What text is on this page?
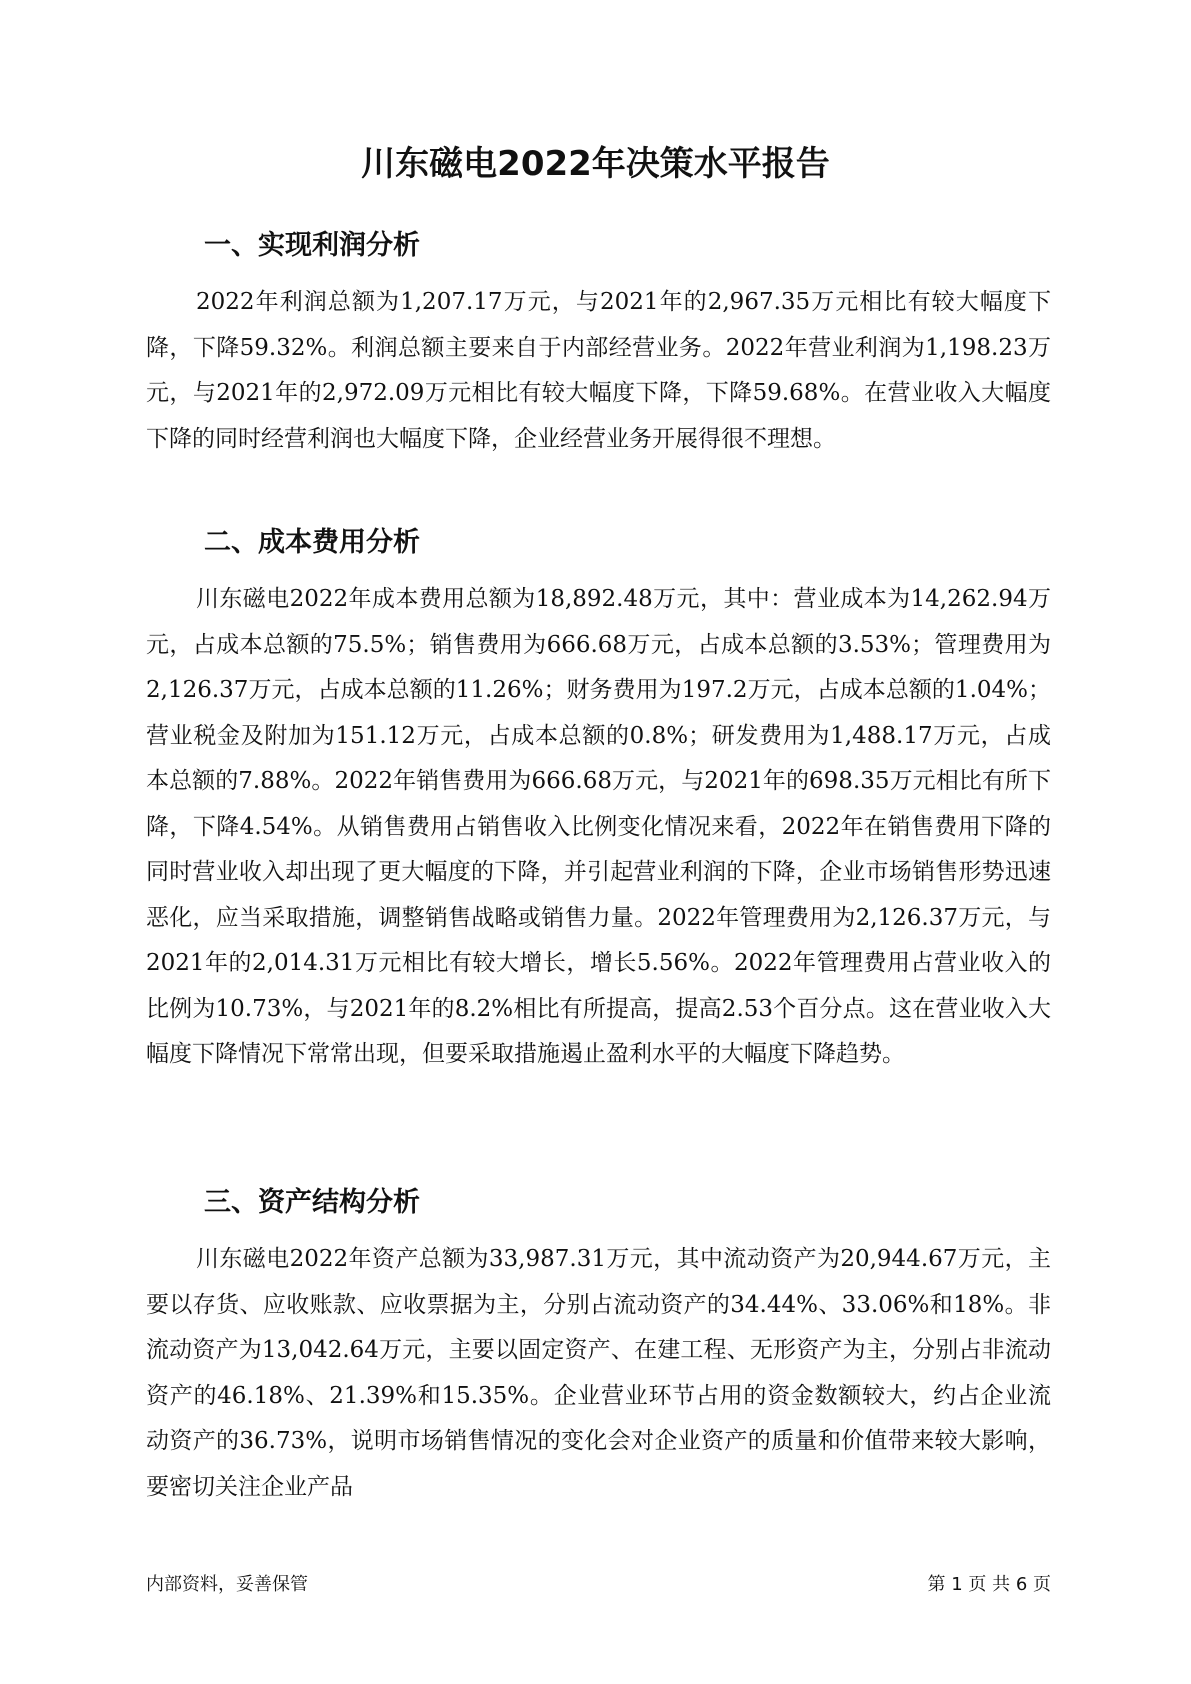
川东磁电2022年决策水平报告
一、实现利润分析

2022年利润总额为1,207.17万元，与2021年的2,967.35万元相比有较大幅度下降，下降59.32%。利润总额主要来自于内部经营业务。2022年营业利润为1,198.23万元，与2021年的2,972.09万元相比有较大幅度下降，下降59.68%。在营业收入大幅度下降的同时经营利润也大幅度下降，企业经营业务开展得很不理想。

二、成本费用分析

川东磁电2022年成本费用总额为18,892.48万元，其中：营业成本为14,262.94万元，占成本总额的75.5%；销售费用为666.68万元，占成本总额的3.53%；管理费用为2,126.37万元，占成本总额的11.26%；财务费用为197.2万元，占成本总额的1.04%；营业税金及附加为151.12万元，占成本总额的0.8%；研发费用为1,488.17万元，占成本总额的7.88%。2022年销售费用为666.68万元，与2021年的698.35万元相比有所下降，下降4.54%。从销售费用占销售收入比例变化情况来看，2022年在销售费用下降的同时营业收入却出现了更大幅度的下降，并引起营业利润的下降，企业市场销售形势迅速恶化，应当采取措施，调整销售战略或销售力量。2022年管理费用为2,126.37万元，与2021年的2,014.31万元相比有较大增长，增长5.56%。2022年管理费用占营业收入的比例为10.73%，与2021年的8.2%相比有所提高，提高2.53个百分点。这在营业收入大幅度下降情况下常常出现，但要采取措施遏止盈利水平的大幅度下降趋势。

三、资产结构分析

川东磁电2022年资产总额为33,987.31万元，其中流动资产为20,944.67万元，主要以存货、应收账款、应收票据为主，分别占流动资产的34.44%、33.06%和18%。非流动资产为13,042.64万元，主要以固定资产、在建工程、无形资产为主，分别占非流动资产的46.18%、21.39%和15.35%。企业营业环节占用的资金数额较大，约占企业流动资产的36.73%，说明市场销售情况的变化会对企业资产的质量和价值带来较大影响，要密切关注企业产品

内部资料，妥善保管	第 1 页 共 6 页
